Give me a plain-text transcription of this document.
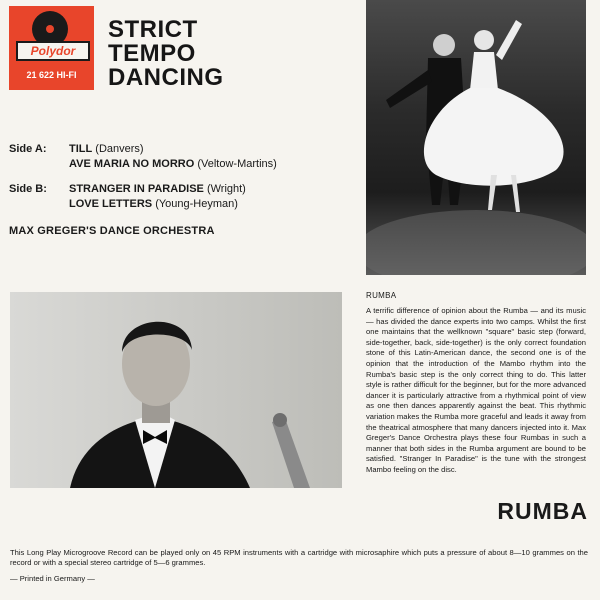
Polydor
21 622 HI-FI
STRICT
TEMPO
DANCING
Side A: TILL (Danvers)
AVE MARIA NO MORRO (Veltow-Martins)
Side B: STRANGER IN PARADISE (Wright)
LOVE LETTERS (Young-Heyman)
MAX GREGER'S DANCE ORCHESTRA
RUMBA
A terrific difference of opinion about the Rumba — and its music — has divided the dance experts into two camps. Whilst the first one maintains that the wellknown "square" basic step (forward, side-together, back, side-together) is the only correct foundation stone of this Latin-American dance, the second one is of the opinion that the introduction of the Mambo rhythm into the Rumba's basic step is the only correct thing to do. This latter style is rather difficult for the beginner, but for the more advanced dancer it is particularly attractive from a rhythmical point of view as one then dances apparently against the beat. This rhythmic variation makes the Rumba more graceful and leads it away from the theatrical atmosphere that many dancers injected into it. Max Greger's Dance Orchestra plays these four Rumbas in such a manner that both sides in the Rumba argument are bound to be satisfied. "Stranger In Paradise" is the tune with the strongest Mambo feeling on the disc.
RUMBA
This Long Play Microgroove Record can be played only on 45 RPM instruments with a cartridge with microsaphire which puts a pressure of about 8—10 grammes on the record or with a special stereo cartridge of 5—6 grammes.
— Printed in Germany —
